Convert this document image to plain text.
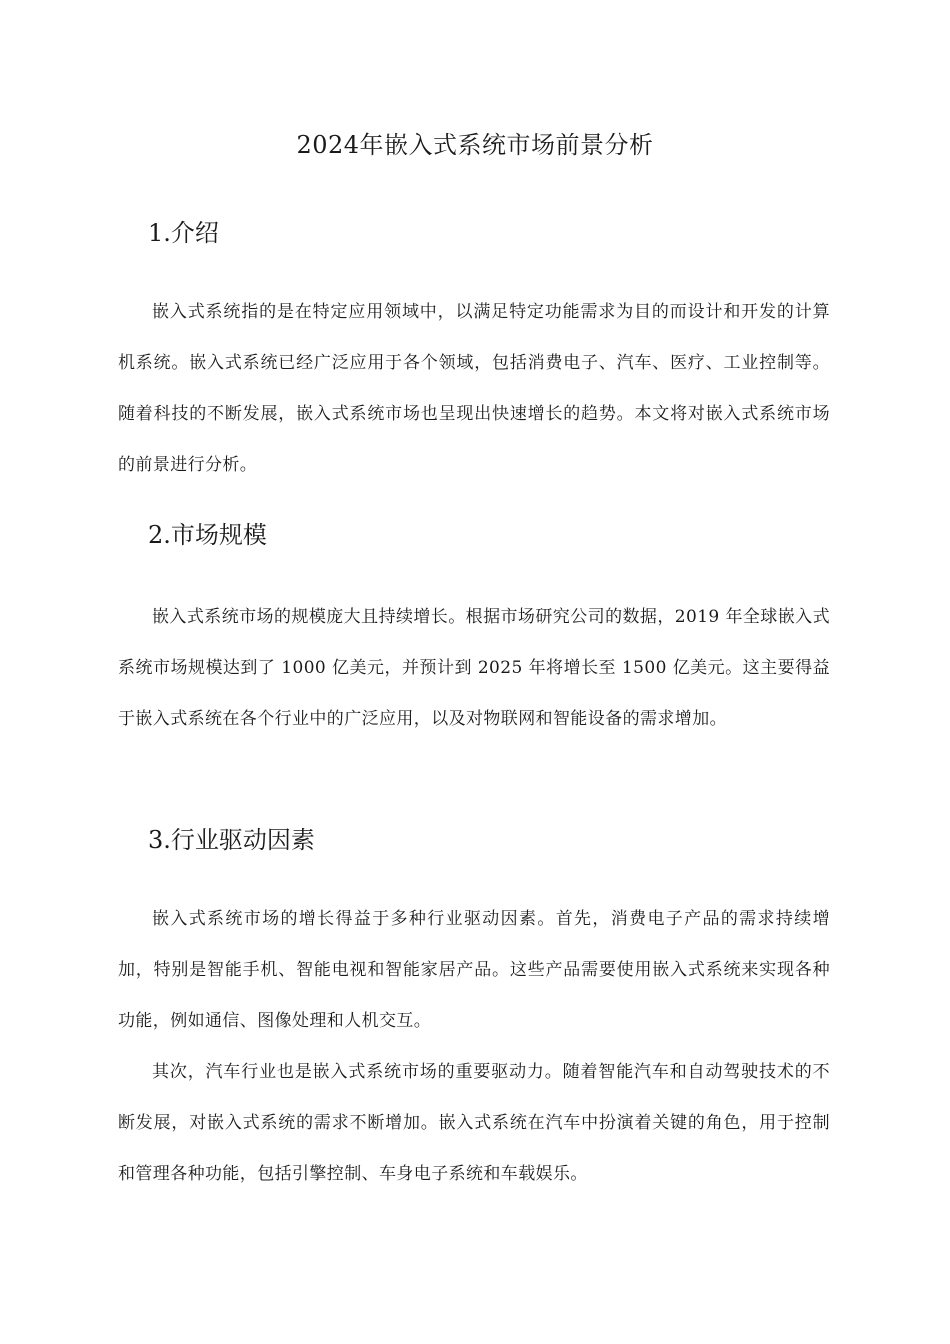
2024年嵌入式系统市场前景分析
1.介绍

嵌入式系统指的是在特定应用领域中，以满足特定功能需求为目的而设计和开发的计算机系统。嵌入式系统已经广泛应用于各个领域，包括消费电子、汽车、医疗、工业控制等。随着科技的不断发展，嵌入式系统市场也呈现出快速增长的趋势。本文将对嵌入式系统市场的前景进行分析。

2.市场规模

嵌入式系统市场的规模庞大且持续增长。根据市场研究公司的数据，2019 年全球嵌入式系统市场规模达到了 1000 亿美元，并预计到 2025 年将增长至 1500 亿美元。这主要得益于嵌入式系统在各个行业中的广泛应用，以及对物联网和智能设备的需求增加。

3.行业驱动因素

嵌入式系统市场的增长得益于多种行业驱动因素。首先，消费电子产品的需求持续增加，特别是智能手机、智能电视和智能家居产品。这些产品需要使用嵌入式系统来实现各种功能，例如通信、图像处理和人机交互。

其次，汽车行业也是嵌入式系统市场的重要驱动力。随着智能汽车和自动驾驶技术的不断发展，对嵌入式系统的需求不断增加。嵌入式系统在汽车中扮演着关键的角色，用于控制和管理各种功能，包括引擎控制、车身电子系统和车载娱乐。
